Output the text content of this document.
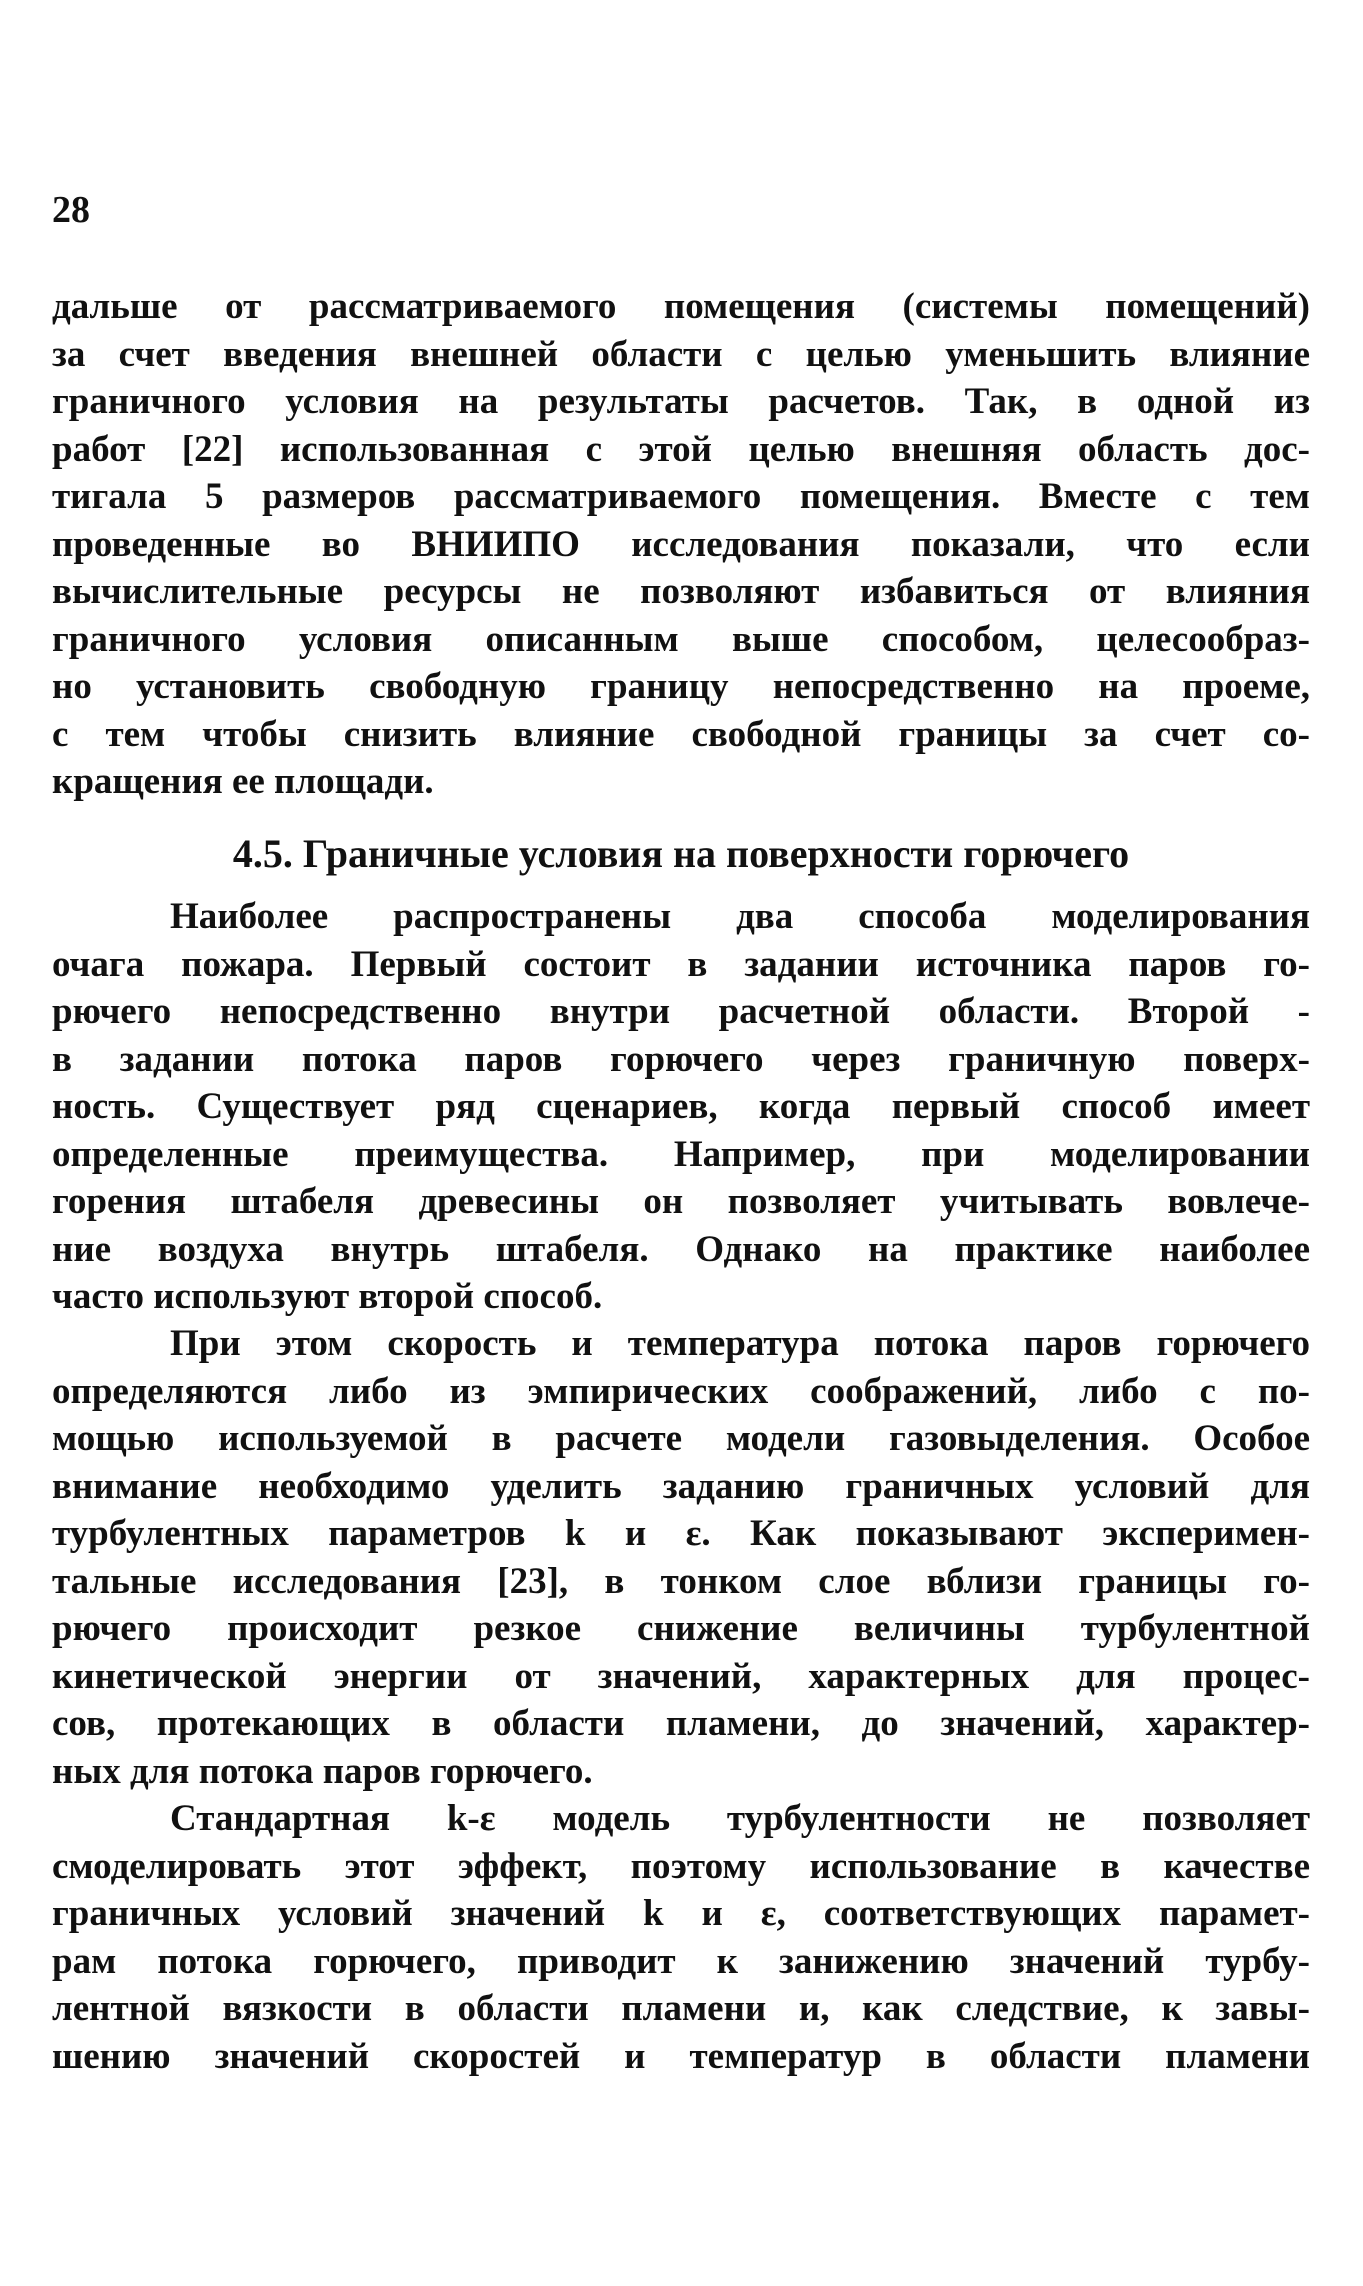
28
дальше от рассматриваемого помещения (системы помещений)
за счет введения внешней области с целью уменьшить влияние
граничного условия на результаты расчетов. Так, в одной из
работ [22] использованная с этой целью внешняя область дос-
тигала 5 размеров рассматриваемого помещения. Вместе с тем
проведенные во ВНИИПО исследования показали, что если
вычислительные ресурсы не позволяют избавиться от влияния
граничного условия описанным выше способом, целесообраз-
но установить свободную границу непосредственно на проеме,
с тем чтобы снизить влияние свободной границы за счет со-
кращения ее площади.
4.5. Граничные условия на поверхности горючего
Наиболее распространены два способа моделирования
очага пожара. Первый состоит в задании источника паров го-
рючего непосредственно внутри расчетной области. Второй -
в задании потока паров горючего через граничную поверх-
ность. Существует ряд сценариев, когда первый способ имеет
определенные преимущества. Например, при моделировании
горения штабеля древесины он позволяет учитывать вовлече-
ние воздуха внутрь штабеля. Однако на практике наиболее
часто используют второй способ.
При этом скорость и температура потока паров горючего
определяются либо из эмпирических соображений, либо с по-
мощью используемой в расчете модели газовыделения. Особое
внимание необходимо уделить заданию граничных условий для
турбулентных параметров k и ε. Как показывают эксперимен-
тальные исследования [23], в тонком слое вблизи границы го-
рючего происходит резкое снижение величины турбулентной
кинетической энергии от значений, характерных для процес-
сов, протекающих в области пламени, до значений, характер-
ных для потока паров горючего.
Стандартная k-ε модель турбулентности не позволяет
смоделировать этот эффект, поэтому использование в качестве
граничных условий значений k и ε, соответствующих парамет-
рам потока горючего, приводит к занижению значений турбу-
лентной вязкости в области пламени и, как следствие, к завы-
шению значений скоростей и температур в области пламени
